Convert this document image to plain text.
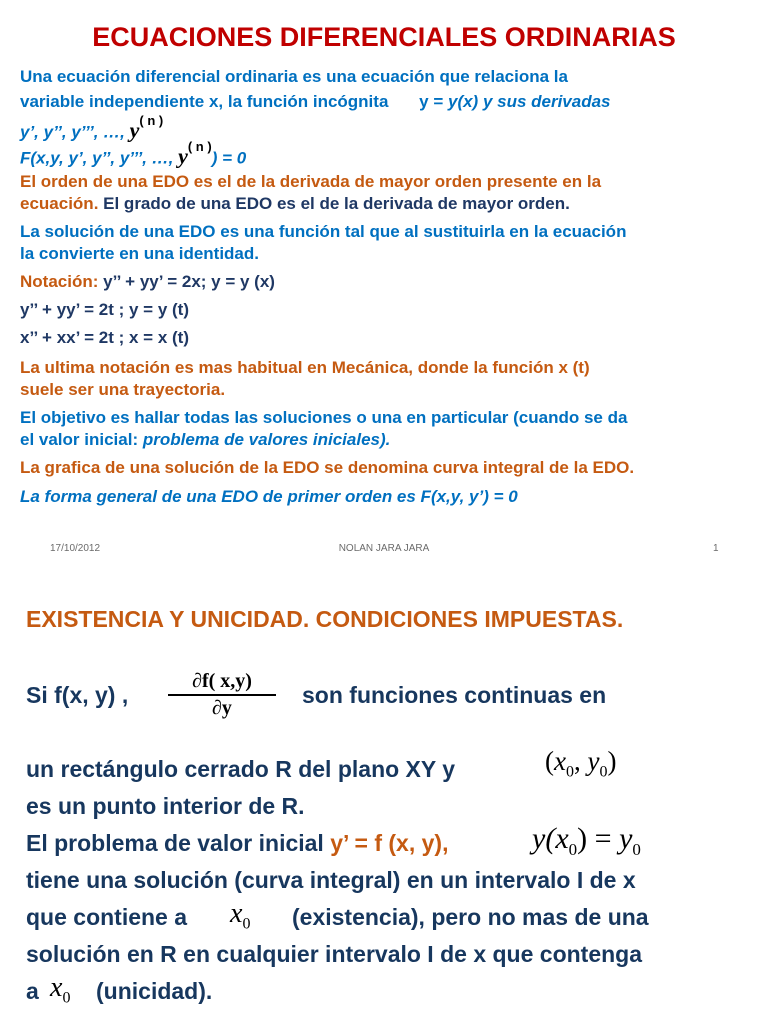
ECUACIONES DIFERENCIALES ORDINARIAS
Una ecuación diferencial ordinaria es una ecuación que relaciona la
variable independiente x, la función incógnita y = y(x) y sus derivadas
y’, y’’, y’’’, …, $y^{( n )}$
F(x,y, y’, y’’, y’’’, …, $y^{( n )}) = 0$
El orden de una EDO es el de la derivada de mayor orden presente en la
ecuación. El grado de una EDO es el de la derivada de mayor orden.
La solución de una EDO es una función tal que al sustituirla en la ecuación
la convierte en una identidad.
Notación: y’’ + yy’ = 2x; y = y (x)
y’’ + yy’ = 2t ; y = y (t)
x’’ + xx’ = 2t ; x = x (t)
La ultima notación es mas habitual en Mecánica, donde la función x (t)
suele ser una trayectoria.
El objetivo es hallar todas las soluciones o una en particular (cuando se da
el valor inicial: problema de valores iniciales).
La grafica de una solución de la EDO se denomina curva integral de la EDO.
La forma general de una EDO de primer orden es F(x,y, y’) = 0
17/10/2012	NOLAN JARA JARA	1
EXISTENCIA Y UNICIDAD. CONDICIONES IMPUESTAS.
Si f(x, y) ,
∂f( x,y)
∂y	son funciones continuas en
un rectángulo cerrado R del plano XY y	($x_0$, $y_0$)
es un punto interior de R.
El problema de valor inicial y’ = f (x, y),	$y(x_0) = y_0$
tiene una solución (curva integral) en un intervalo I de x
que contiene a $x_0$ (existencia), pero no mas de una
solución en R en cualquier intervalo I de x que contenga
a $x_0$ (unicidad).
